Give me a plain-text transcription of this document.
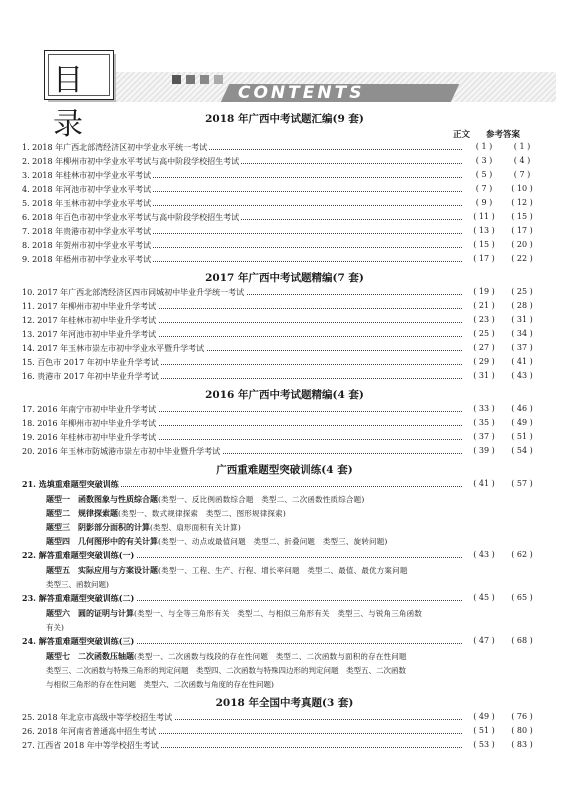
目录
CONTENTS
2018 年广西中考试题汇编(9 套)
正文 参考答案
1. 2018 年广西北部湾经济区初中学业水平统一考试	( 1 )	( 1 )
2. 2018 年柳州市初中学业水平考试与高中阶段学校招生考试	( 3 )	( 4 )
3. 2018 年桂林市初中学业水平考试	( 5 )	( 7 )
4. 2018 年河池市初中学业水平考试	( 7 )	( 10 )
5. 2018 年玉林市初中学业水平考试	( 9 )	( 12 )
6. 2018 年百色市初中学业水平考试与高中阶段学校招生考试	( 11 )	( 15 )
7. 2018 年贵港市初中学业水平考试	( 13 )	( 17 )
8. 2018 年贺州市初中学业水平考试	( 15 )	( 20 )
9. 2018 年梧州市初中学业水平考试	( 17 )	( 22 )
2017 年广西中考试题精编(7 套)
10. 2017 年广西北部湾经济区四市同城初中毕业升学统一考试	( 19 )	( 25 )
11. 2017 年柳州市初中毕业升学考试	( 21 )	( 28 )
12. 2017 年桂林市初中毕业升学考试	( 23 )	( 31 )
13. 2017 年河池市初中毕业升学考试	( 25 )	( 34 )
14. 2017 年玉林市崇左市初中学业水平暨升学考试	( 27 )	( 37 )
15. 百色市 2017 年初中毕业升学考试	( 29 )	( 41 )
16. 贵港市 2017 年初中毕业升学考试	( 31 )	( 43 )
2016 年广西中考试题精编(4 套)
17. 2016 年南宁市初中毕业升学考试	( 33 )	( 46 )
18. 2016 年柳州市初中毕业升学考试	( 35 )	( 49 )
19. 2016 年桂林市初中毕业升学考试	( 37 )	( 51 )
20. 2016 年玉林市防城港市崇左市初中毕业暨升学考试	( 39 )	( 54 )
广西重难题型突破训练(4 套)
21. 选填重难题型突破训练	( 41 )	( 57 )
题型一　函数图象与性质综合题(类型一、反比例函数综合题　类型二、二次函数性质综合题)
题型二　规律探索题(类型一、数式规律探索　类型二、图形规律探索)
题型三　阴影部分面积的计算(类型、扇形面积有关计算)
题型四　几何图形中的有关计算(类型一、动点或最值问题　类型二、折叠问题　类型三、旋转问题)
22. 解答重难题型突破训练(一)	( 43 )	( 62 )
题型五　实际应用与方案设计题(类型一、工程、生产、行程、增长率问题　类型二、最值、最优方案问题
类型三、函数问题)
23. 解答重难题型突破训练(二)	( 45 )	( 65 )
题型六　圆的证明与计算(类型一、与全等三角形有关　类型二、与相似三角形有关　类型三、与锐角三角函数
有关)
24. 解答重难题型突破训练(三)	( 47 )	( 68 )
题型七　二次函数压轴题(类型一、二次函数与线段的存在性问题　类型二、二次函数与面积的存在性问题
类型三、二次函数与特殊三角形的判定问题　类型四、二次函数与特殊四边形的判定问题　类型五、二次函数
与相似三角形的存在性问题　类型六、二次函数与角度的存在性问题)
2018 年全国中考真题(3 套)
25. 2018 年北京市高级中等学校招生考试	( 49 )	( 76 )
26. 2018 年河南省普通高中招生考试	( 51 )	( 80 )
27. 江西省 2018 年中等学校招生考试	( 53 )	( 83 )
